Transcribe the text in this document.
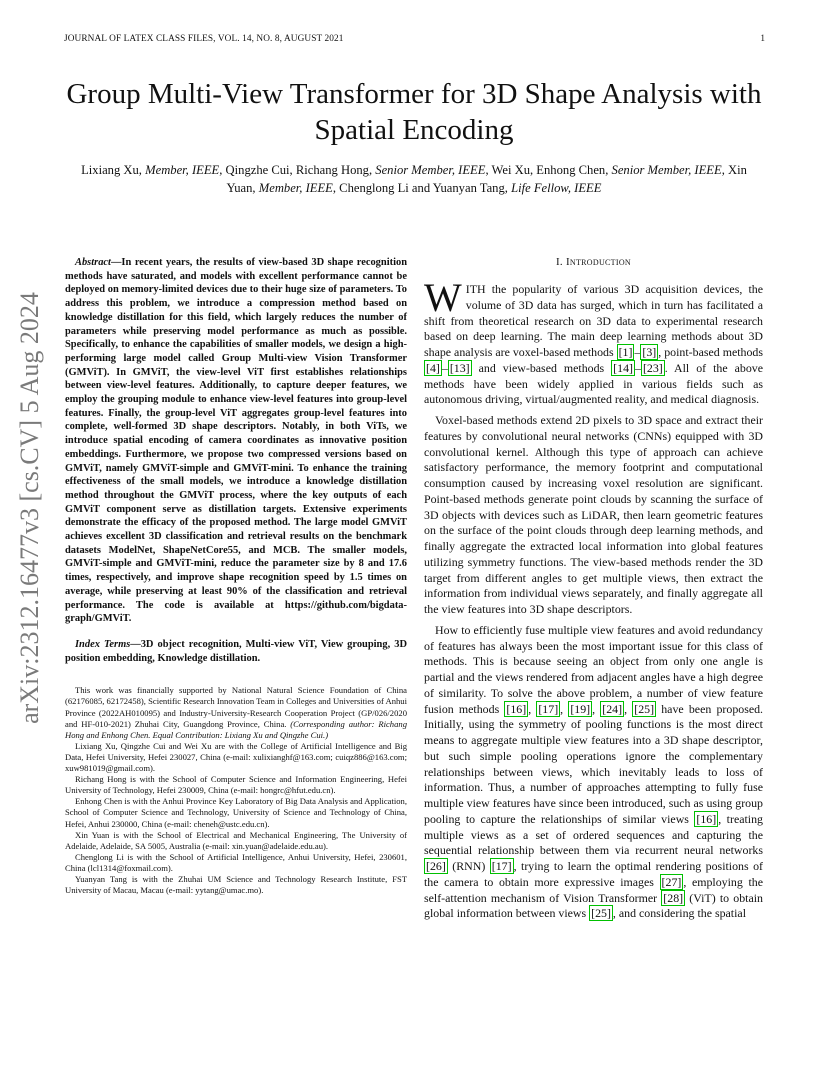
JOURNAL OF LATEX CLASS FILES, VOL. 14, NO. 8, AUGUST 2021	1
arXiv:2312.16477v3 [cs.CV] 5 Aug 2024
Group Multi-View Transformer for 3D Shape Analysis with Spatial Encoding
Lixiang Xu, Member, IEEE, Qingzhe Cui, Richang Hong, Senior Member, IEEE, Wei Xu, Enhong Chen, Senior Member, IEEE, Xin Yuan, Member, IEEE, Chenglong Li and Yuanyan Tang, Life Fellow, IEEE

Abstract—In recent years, the results of view-based 3D shape recognition methods have saturated, and models with excellent performance cannot be deployed on memory-limited devices due to their huge size of parameters. To address this problem, we introduce a compression method based on knowledge distillation for this field, which largely reduces the number of parameters while preserving model performance as much as possible. Specifically, to enhance the capabilities of smaller models, we design a high-performing large model called Group Multi-view Vision Transformer (GMViT). In GMViT, the view-level ViT first establishes relationships between view-level features. Additionally, to capture deeper features, we employ the grouping module to enhance view-level features into group-level features. Finally, the group-level ViT aggregates group-level features into complete, well-formed 3D shape descriptors. Notably, in both ViTs, we introduce spatial encoding of camera coordinates as innovative position embeddings. Furthermore, we propose two compressed versions based on GMViT, namely GMViT-simple and GMViT-mini. To enhance the training effectiveness of the small models, we introduce a knowledge distillation method throughout the GMViT process, where the key outputs of each GMViT component serve as distillation targets. Extensive experiments demonstrate the efficacy of the proposed method. The large model GMViT achieves excellent 3D classification and retrieval results on the benchmark datasets ModelNet, ShapeNetCore55, and MCB. The smaller models, GMViT-simple and GMViT-mini, reduce the parameter size by 8 and 17.6 times, respectively, and improve shape recognition speed by 1.5 times on average, while preserving at least 90% of the classification and retrieval performance. The code is available at https://github.com/bigdata-graph/GMViT.

Index Terms—3D object recognition, Multi-view ViT, View grouping, 3D position embedding, Knowledge distillation.

This work was financially supported by National Natural Science Foundation of China (62176085, 62172458), Scientific Research Innovation Team in Colleges and Universities of Anhui Province (2022AH010095) and Industry-University-Research Cooperation Project (GP/026/2020 and HF-010-2021) Zhuhai City, Guangdong Province, China. (Corresponding author: Richang Hong and Enhong Chen. Equal Contribution: Lixiang Xu and Qingzhe Cui.)

Lixiang Xu, Qingzhe Cui and Wei Xu are with the College of Artificial Intelligence and Big Data, Hefei University, Hefei 230027, China (e-mail: xulixianghf@163.com; cuiqz886@163.com; xuw981019@gmail.com).

Richang Hong is with the School of Computer Science and Information Engineering, Hefei University of Technology, Hefei 230009, China (e-mail: hongrc@hfut.edu.cn).

Enhong Chen is with the Anhui Province Key Laboratory of Big Data Analysis and Application, School of Computer Science and Technology, University of Science and Technology of China, Hefei, Anhui 230000, China (e-mail: cheneh@ustc.edu.cn).

Xin Yuan is with the School of Electrical and Mechanical Engineering, The University of Adelaide, Adelaide, SA 5005, Australia (e-mail: xin.yuan@adelaide.edu.au).

Chenglong Li is with the School of Artificial Intelligence, Anhui University, Hefei, 230601, China (lcl1314@foxmail.com).

Yuanyan Tang is with the Zhuhai UM Science and Technology Research Institute, FST University of Macau, Macau (e-mail: yytang@umac.mo).

I. Introduction

WITH the popularity of various 3D acquisition devices, the volume of 3D data has surged, which in turn has facilitated a shift from theoretical research on 3D data to experimental research based on deep learning. The main deep learning methods about 3D shape analysis are voxel-based methods [1] – [3] , point-based methods [4] – [13] and view-based methods [14] – [23] . All of the above methods have been widely applied in various fields such as autonomous driving, virtual/augmented reality, and medical diagnosis.

Voxel-based methods extend 2D pixels to 3D space and extract their features by convolutional neural networks (CNNs) equipped with 3D convolutional kernel. Although this type of approach can achieve satisfactory performance, the memory footprint and computational consumption caused by increasing voxel resolution are significant. Point-based methods generate point clouds by scanning the surface of 3D objects with devices such as LiDAR, then learn geometric features on the surface of the point clouds through deep learning methods, and finally aggregate the extracted local information into global features utilizing symmetry functions. The view-based methods render the 3D target from different angles to get multiple views, then extract the information from individual views separately, and finally aggregate all the view features into 3D shape descriptors.

How to efficiently fuse multiple view features and avoid redundancy of features has always been the most important issue for this class of methods. This is because seeing an object from only one angle is partial and the views rendered from adjacent angles have a high degree of similarity. To solve the above problem, a number of view feature fusion methods [16] , [17] , [19] , [24] , [25] have been proposed. Initially, using the symmetry of pooling functions is the most direct means to aggregate multiple view features into a 3D shape descriptor, but such simple pooling operations ignore the complementary relationships between views, which inevitably leads to loss of information. Thus, a number of approaches attempting to fully fuse multiple view features have since been introduced, such as using group pooling to capture the relationships of similar views [16] , treating multiple views as a set of ordered sequences and capturing the sequential relationship between them via recurrent neural networks [26] (RNN) [17] , trying to learn the optimal rendering positions of the camera to obtain more expressive images [27] , employing the self-attention mechanism of Vision Transformer [28] (ViT) to obtain global information between views [25] , and considering the spatial
